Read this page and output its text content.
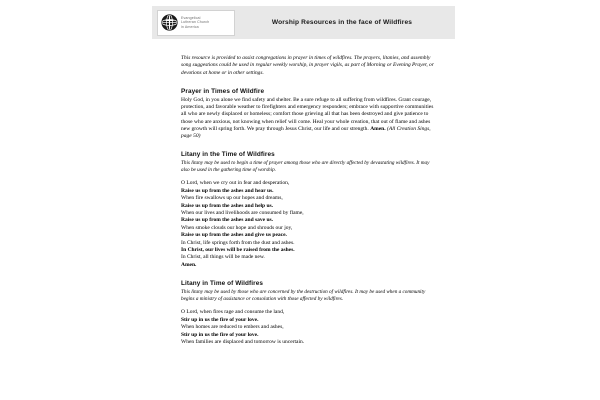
Evangelical
Lutheran Church
in America
Worship Resources in the face of Wildfires

This resource is provided to assist congregations in prayer in times of wildfires. The prayers, litanies, and assembly song suggestions could be used in regular weekly worship, in prayer vigils, as part of Morning or Evening Prayer, or devotions at home or in other settings.

Prayer in Times of Wildfire

Holy God, in you alone we find safety and shelter. Be a sure refuge to all suffering from wildfires. Grant courage, protection, and favorable weather to firefighters and emergency responders; embrace with supportive communities all who are newly displaced or homeless; comfort those grieving all that has been destroyed and give patience to those who are anxious, not knowing when relief will come. Heal your whole creation, that out of flame and ashes new growth will spring forth. We pray through Jesus Christ, our life and our strength. Amen. (All Creation Sings, page 50)

Litany in the Time of Wildfires

This litany may be used to begin a time of prayer among those who are directly affected by devastating wildfires. It may also be used in the gathering time of worship.

O Lord, when we cry out in fear and desperation,
Raise us up from the ashes and hear us.
When fire swallows up our hopes and dreams,
Raise us up from the ashes and help us.
When our lives and livelihoods are consumed by flame,
Raise us up from the ashes and save us.
When smoke clouds our hope and shrouds our joy,
Raise us up from the ashes and give us peace.
In Christ, life springs forth from the dust and ashes.
In Christ, our lives will be raised from the ashes.
In Christ, all things will be made new.

Amen.

Litany in Time of Wildfires

This litany may be used by those who are concerned by the destruction of wildfires. It may be used when a community begins a ministry of assistance or consolation with those affected by wildfires.

O Lord, when fires rage and consume the land,
Stir up in us the fire of your love.
When homes are reduced to embers and ashes,
Stir up in us the fire of your love.
When families are displaced and tomorrow is uncertain.
